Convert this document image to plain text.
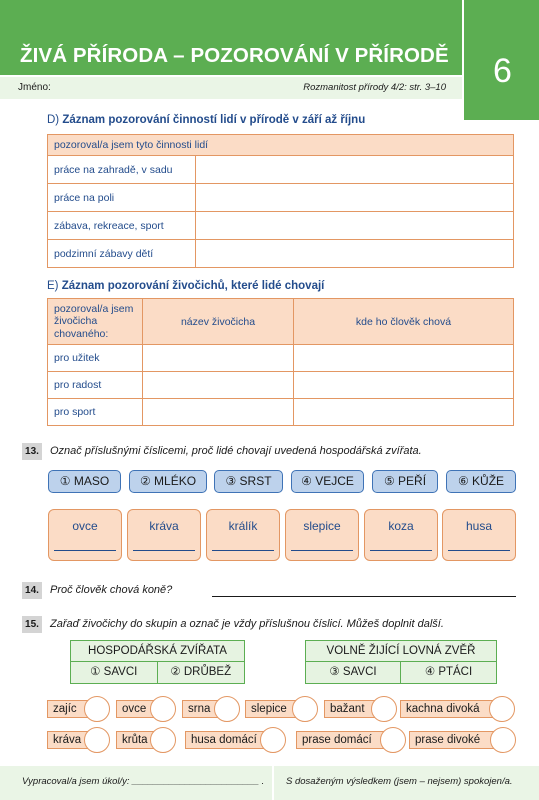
ŽIVÁ PŘÍRODA – POZOROVÁNÍ V PŘÍRODĚ	6
Jméno:	Rozmanitost přírody 4/2: str. 3–10
D) Záznam pozorování činností lidí v přírodě v září až říjnu
pozoroval/a jsem tyto činnosti lidí	
práce na zahradě, v sadu	
práce na poli	
zábava, rekreace, sport	
podzimní zábavy dětí	
E) Záznam pozorování živočichů, které lidé chovají
pozoroval/a jsem živočicha chovaného:	název živočicha	kde ho člověk chová
pro užitek		
pro radost		
pro sport		
13. Označ příslušnými číslicemi, proč lidé chovají uvedená hospodářská zvířata.
① MASO	② MLÉKO	③ SRST	④ VEJCE	⑤ PEŘÍ	⑥ KŮŽE
ovce	kráva	králík	slepice	koza	husa
14. Proč člověk chová koně?
15. Zařaď živočichy do skupin a označ je vždy příslušnou číslicí. Můžeš doplnit další.
HOSPODÁŘSKÁ ZVÍŘATA
① SAVCI	② DRŮBEŽ
VOLNĚ ŽIJÍCÍ LOVNÁ ZVĚŘ
③ SAVCI	④ PTÁCI
zajíc	ovce	srna	slepice	bažant	kachna divoká
kráva	krůta	husa domácí	prase domácí	prase divoké
Vypracoval/a jsem úkol/y: ________________________ . S dosaženým výsledkem (jsem – nejsem) spokojen/a.
